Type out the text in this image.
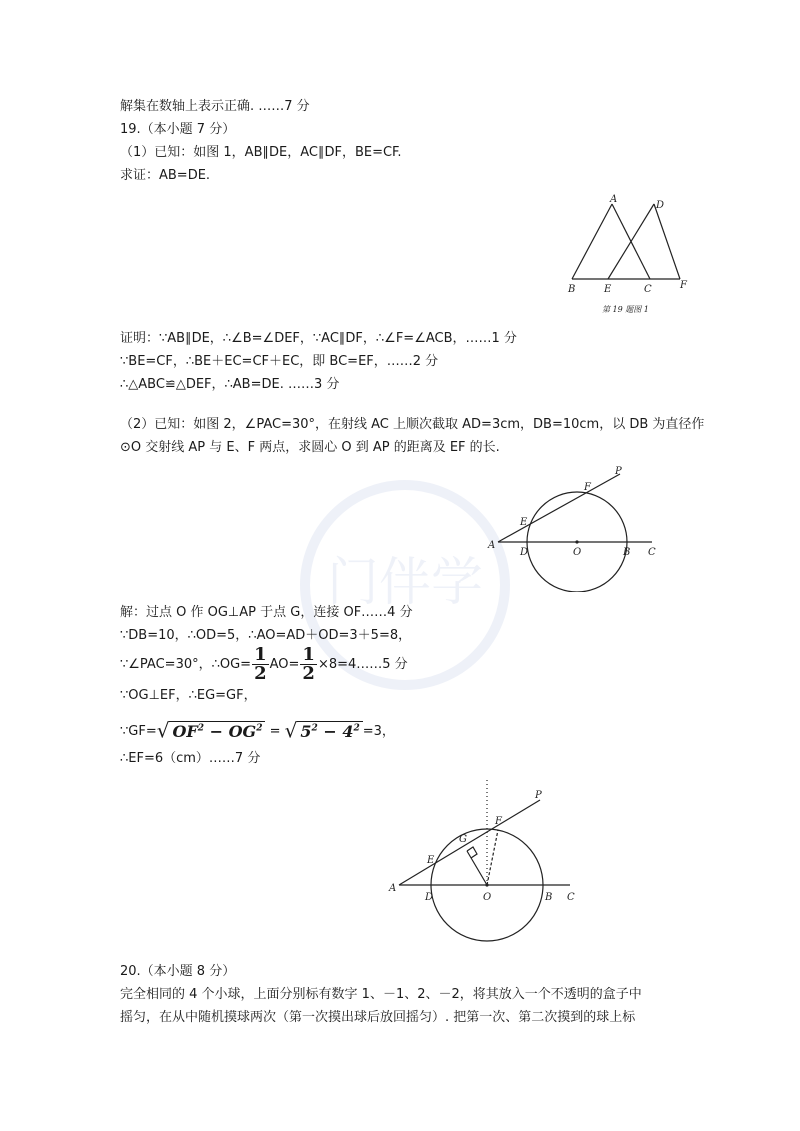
门伴学
解集在数轴上表示正确. ……7 分
19.（本小题 7 分）
（1）已知：如图 1，AB∥DE，AC∥DF，BE=CF.
求证：AB=DE.
A
D
B	E	C	F
第 19 题图 1
证明：∵AB∥DE，∴∠B=∠DEF，∵AC∥DF，∴∠F=∠ACB，……1 分
∵BE=CF，∴BE＋EC=CF＋EC，即 BC=EF，……2 分
∴△ABC≌△DEF，∴AB=DE. ……3 分
（2）已知：如图 2，∠PAC=30°，在射线 AC 上顺次截取 AD=3cm，DB=10cm，以 DB 为直径作
⊙O 交射线 AP 与 E、F 两点，求圆心 O 到 AP 的距离及 EF 的长.
A
D
E
F
O	B C
P
解：过点 O 作 OG⊥AP 于点 G，连接 OF……4 分
∵DB=10，∴OD=5，∴AO=AD＋OD=3＋5=8，
∵∠PAC=30°，∴OG= $\frac{1}{2} AO= \frac{1}{2}$ ×8=4……5 分
∵OG⊥EF，∴EG=GF，
∵GF=√ $OF^2 - OG^2$ = √ $5^2 - 4^2 =3$，
∴EF=6（cm）……7 分
A
D
E
F
G
O	B C
P
20.（本小题 8 分）
完全相同的 4 个小球，上面分别标有数字 1、－1、2、－2，将其放入一个不透明的盒子中
摇匀，在从中随机摸球两次（第一次摸出球后放回摇匀）. 把第一次、第二次摸到的球上标
